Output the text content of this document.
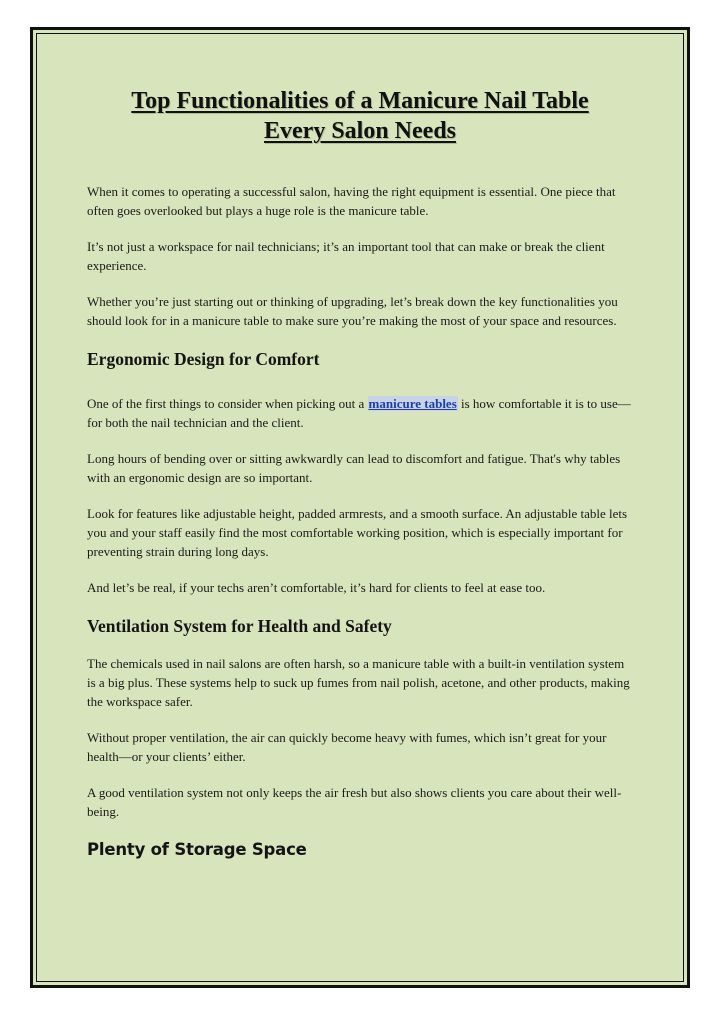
Top Functionalities of a Manicure Nail Table
Every Salon Needs

When it comes to operating a successful salon, having the right equipment is essential. One piece that often goes overlooked but plays a huge role is the manicure table.

It’s not just a workspace for nail technicians; it’s an important tool that can make or break the client experience.

Whether you’re just starting out or thinking of upgrading, let’s break down the key functionalities you should look for in a manicure table to make sure you’re making the most of your space and resources.

Ergonomic Design for Comfort

One of the first things to consider when picking out a manicure tables is how comfortable it is to use—for both the nail technician and the client.

Long hours of bending over or sitting awkwardly can lead to discomfort and fatigue. That's why tables with an ergonomic design are so important.

Look for features like adjustable height, padded armrests, and a smooth surface. An adjustable table lets you and your staff easily find the most comfortable working position, which is especially important for preventing strain during long days.

And let’s be real, if your techs aren’t comfortable, it’s hard for clients to feel at ease too.

Ventilation System for Health and Safety

The chemicals used in nail salons are often harsh, so a manicure table with a built-in ventilation system is a big plus. These systems help to suck up fumes from nail polish, acetone, and other products, making the workspace safer.

Without proper ventilation, the air can quickly become heavy with fumes, which isn’t great for your health—or your clients’ either.

A good ventilation system not only keeps the air fresh but also shows clients you care about their well-being.

Plenty of Storage Space
